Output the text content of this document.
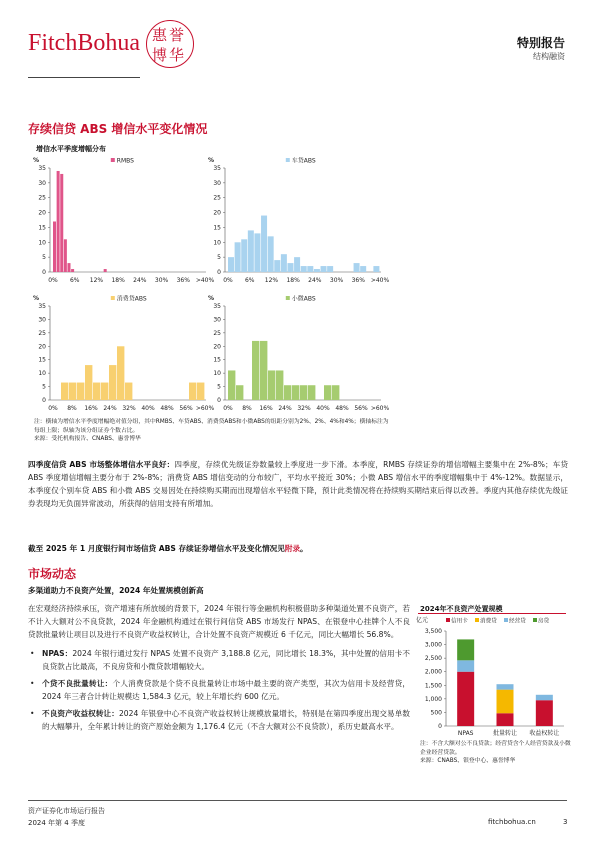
FitchBohua 惠誉
博华
特别报告
结构融资
存续信贷 ABS 增信水平变化情况
增信水平季度增幅分布
%
0
5
10
15
20
25
30
35
0% 6% 12% 18% 24% 30% 36% >40%
RMBS	%
0
5
10
15
20
25
30
35
0% 6% 12% 18% 24% 30% 36% >40%
车贷ABS
%
0
5
10
15
20
25
30
35
0% 8% 16% 24% 32% 40% 48% 56% >60%
消费贷ABS	%
0
5
10
15
20
25
30
35
0% 8% 16% 24% 32% 40% 48% 56% >60%
小微ABS
注：横轴为增信水平季度增幅绝对值分组，其中RMBS、车贷ABS、消费贷ABS和小微ABS的组距分别为2%、2%、4%和4%；横轴标注为每组上限；纵轴为该分组证券个数占比。
来源：受托机构报告、CNABS、惠誉博华
四季度信贷 ABS 市场整体增信水平良好：四季度，存续优先级证券数量较上季度进一步下滑。本季度，RMBS 存续证券的增信增幅主要集中在 2%-8%；车贷 ABS 季度增信增幅主要分布于 2%-8%；消费贷 ABS 增信变动的分布较广，平均水平接近 30%；小微 ABS 增信水平的季度增幅集中于 4%-12%。数据显示，本季度仅个别车贷 ABS 和小微 ABS 交易因处在持续购买期而出现增信水平轻微下降，预计此类情况将在持续购买期结束后得以改善。季度内其他存续优先级证券表现均无负面异常波动，所获得的信用支持有所增加。
截至 2025 年 1 月度银行间市场信贷 ABS 存续证券增信水平及变化情况见附录。
市场动态
多渠道助力不良资产处置，2024 年处置规模创新高
在宏观经济持续承压，资产增速有所放缓的背景下，2024 年银行等金融机构积极借助多种渠道处置不良资产，若不计入大额对公不良贷款，2024 年金融机构通过在银行间信贷 ABS 市场发行 NPAS、在银登中心挂牌个人不良贷款批量转让项目以及进行不良资产收益权转让，合计处置不良资产规模近 6 千亿元，同比大幅增长 56.8%。
• NPAS：2024 年银行通过发行 NPAS 处置不良资产 3,188.8 亿元，同比增长 18.3%，其中处置的信用卡不良贷款占比最高，不良房贷和小微贷款增幅较大。
• 个贷不良批量转让：个人消费贷款是个贷不良批量转让市场中最主要的资产类型，其次为信用卡及经营贷，2024 年三者合计转让规模达 1,584.3 亿元，较上年增长约 600 亿元。
• 不良资产收益权转让：2024 年银登中心不良资产收益权转让规模放量增长，特别是在第四季度出现交易单数的大幅攀升，全年累计转让的资产原始金额为 1,176.4 亿元（不含大额对公不良贷款），系历史最高水平。
2024年不良资产处置规模
亿元	信用卡 消费贷 经营贷 房贷
0
500
1,000
1,500
2,000
2,500
3,000
3,500
NPAS	批量转让 收益权转让
注：不含大额对公不良贷款；经营贷含个人经营贷款及小微企业经营贷款。
来源：CNABS、银登中心、惠誉博华
资产证券化市场运行报告
2024 年第 4 季度	fitchbohua.cn	3
